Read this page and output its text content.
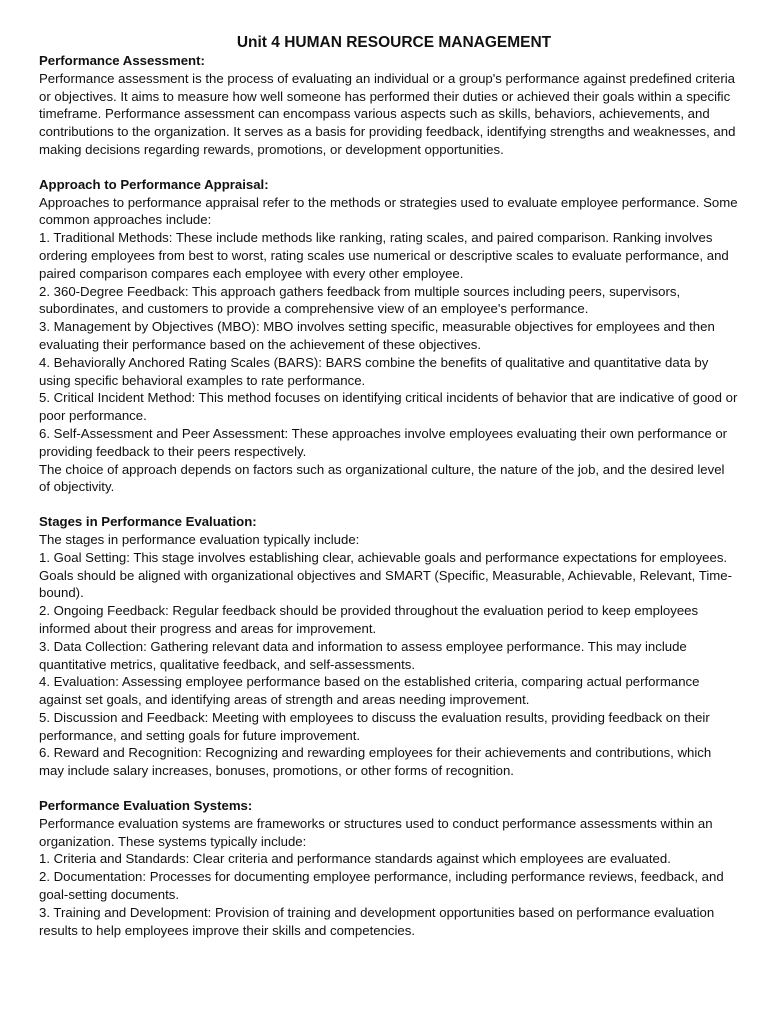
Unit 4 HUMAN RESOURCE MANAGEMENT

Performance Assessment:

Performance assessment is the process of evaluating an individual or a group's performance against predefined criteria or objectives. It aims to measure how well someone has performed their duties or achieved their goals within a specific timeframe. Performance assessment can encompass various aspects such as skills, behaviors, achievements, and contributions to the organization. It serves as a basis for providing feedback, identifying strengths and weaknesses, and making decisions regarding rewards, promotions, or development opportunities.

Approach to Performance Appraisal:

Approaches to performance appraisal refer to the methods or strategies used to evaluate employee performance. Some common approaches include:

1. Traditional Methods: These include methods like ranking, rating scales, and paired comparison. Ranking involves ordering employees from best to worst, rating scales use numerical or descriptive scales to evaluate performance, and paired comparison compares each employee with every other employee.

2. 360-Degree Feedback: This approach gathers feedback from multiple sources including peers, supervisors, subordinates, and customers to provide a comprehensive view of an employee's performance.

3. Management by Objectives (MBO): MBO involves setting specific, measurable objectives for employees and then evaluating their performance based on the achievement of these objectives.

4. Behaviorally Anchored Rating Scales (BARS): BARS combine the benefits of qualitative and quantitative data by using specific behavioral examples to rate performance.

5. Critical Incident Method: This method focuses on identifying critical incidents of behavior that are indicative of good or poor performance.

6. Self-Assessment and Peer Assessment: These approaches involve employees evaluating their own performance or providing feedback to their peers respectively.

The choice of approach depends on factors such as organizational culture, the nature of the job, and the desired level of objectivity.

Stages in Performance Evaluation:

The stages in performance evaluation typically include:

1. Goal Setting: This stage involves establishing clear, achievable goals and performance expectations for employees. Goals should be aligned with organizational objectives and SMART (Specific, Measurable, Achievable, Relevant, Time-bound).

2. Ongoing Feedback: Regular feedback should be provided throughout the evaluation period to keep employees informed about their progress and areas for improvement.

3. Data Collection: Gathering relevant data and information to assess employee performance. This may include quantitative metrics, qualitative feedback, and self-assessments.

4. Evaluation: Assessing employee performance based on the established criteria, comparing actual performance against set goals, and identifying areas of strength and areas needing improvement.

5. Discussion and Feedback: Meeting with employees to discuss the evaluation results, providing feedback on their performance, and setting goals for future improvement.

6. Reward and Recognition: Recognizing and rewarding employees for their achievements and contributions, which may include salary increases, bonuses, promotions, or other forms of recognition.

Performance Evaluation Systems:

Performance evaluation systems are frameworks or structures used to conduct performance assessments within an organization. These systems typically include:

1. Criteria and Standards: Clear criteria and performance standards against which employees are evaluated.

2. Documentation: Processes for documenting employee performance, including performance reviews, feedback, and goal-setting documents.

3. Training and Development: Provision of training and development opportunities based on performance evaluation results to help employees improve their skills and competencies.
